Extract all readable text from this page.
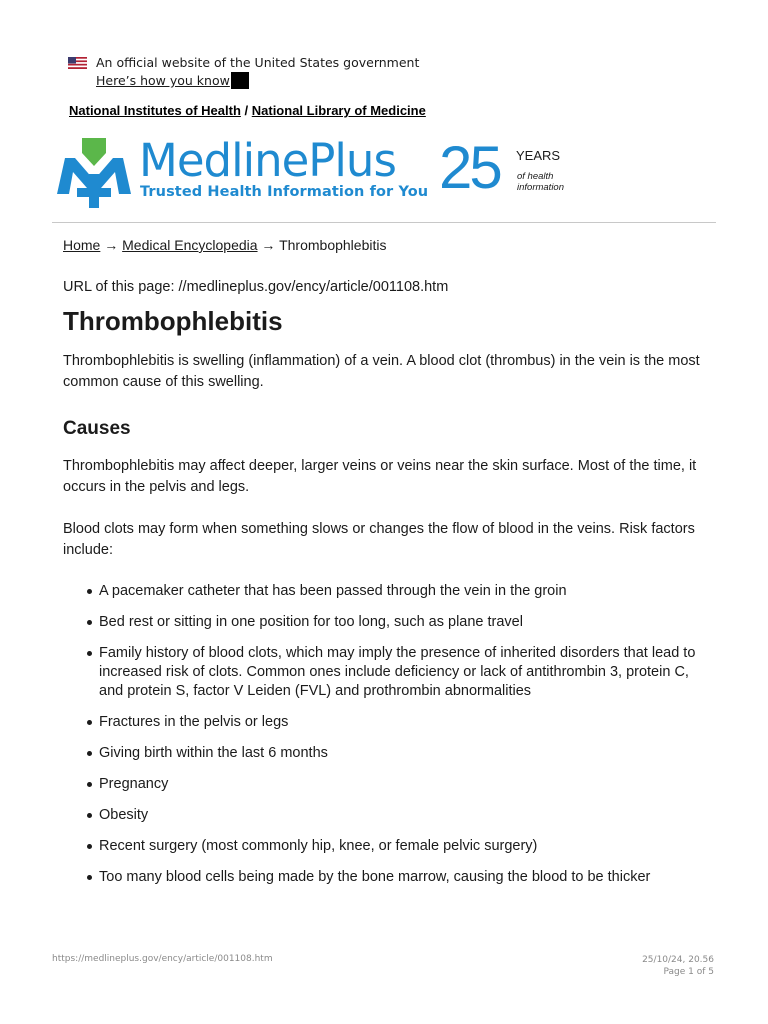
An official website of the United States government
Here’s how you know
National Institutes of Health / National Library of Medicine
MedlinePlus
Trusted Health Information for You 25 YEARS
of health information
Home → Medical Encyclopedia → Thrombophlebitis
URL of this page: //medlineplus.gov/ency/article/001108.htm
Thrombophlebitis

Thrombophlebitis is swelling (inflammation) of a vein. A blood clot (thrombus) in the vein is the most common cause of this swelling.

Causes

Thrombophlebitis may affect deeper, larger veins or veins near the skin surface. Most of the time, it occurs in the pelvis and legs.

Blood clots may form when something slows or changes the flow of blood in the veins. Risk factors include:

A pacemaker catheter that has been passed through the vein in the groin
Bed rest or sitting in one position for too long, such as plane travel
Family history of blood clots, which may imply the presence of inherited disorders that lead to increased risk of clots. Common ones include deficiency or lack of antithrombin 3, protein C, and protein S, factor V Leiden (FVL) and prothrombin abnormalities
Fractures in the pelvis or legs
Giving birth within the last 6 months
Pregnancy
Obesity
Recent surgery (most commonly hip, knee, or female pelvic surgery)
Too many blood cells being made by the bone marrow, causing the blood to be thicker
https://medlineplus.gov/ency/article/001108.htm	25/10/24, 20.56
Page 1 of 5
